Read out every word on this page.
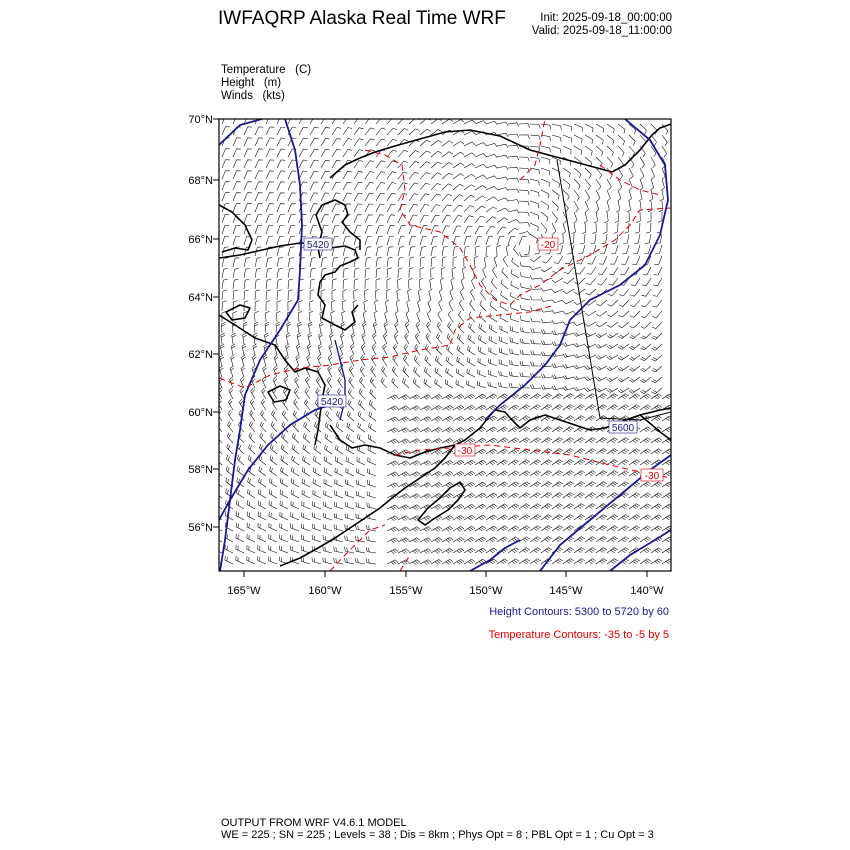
IWFAQRP Alaska Real Time WRF	Init: 2025-09-18_00:00:00
Valid: 2025-09-18_11:00:00
Temperature   (C)
Height   (m)
Winds   (kts)
70°N
68°N
66°N
64°N
62°N
60°N
58°N
56°N
165°W	160°W	155°W	150°W	145°W	140°W
5420
5420
5600
-20
-30
-30
Height Contours: 5300 to 5720 by 60
Temperature Contours: -35 to -5 by 5
OUTPUT FROM WRF V4.6.1 MODEL
WE = 225 ; SN = 225 ; Levels = 38 ; Dis = 8km ; Phys Opt = 8 ; PBL Opt = 1 ; Cu Opt = 3
